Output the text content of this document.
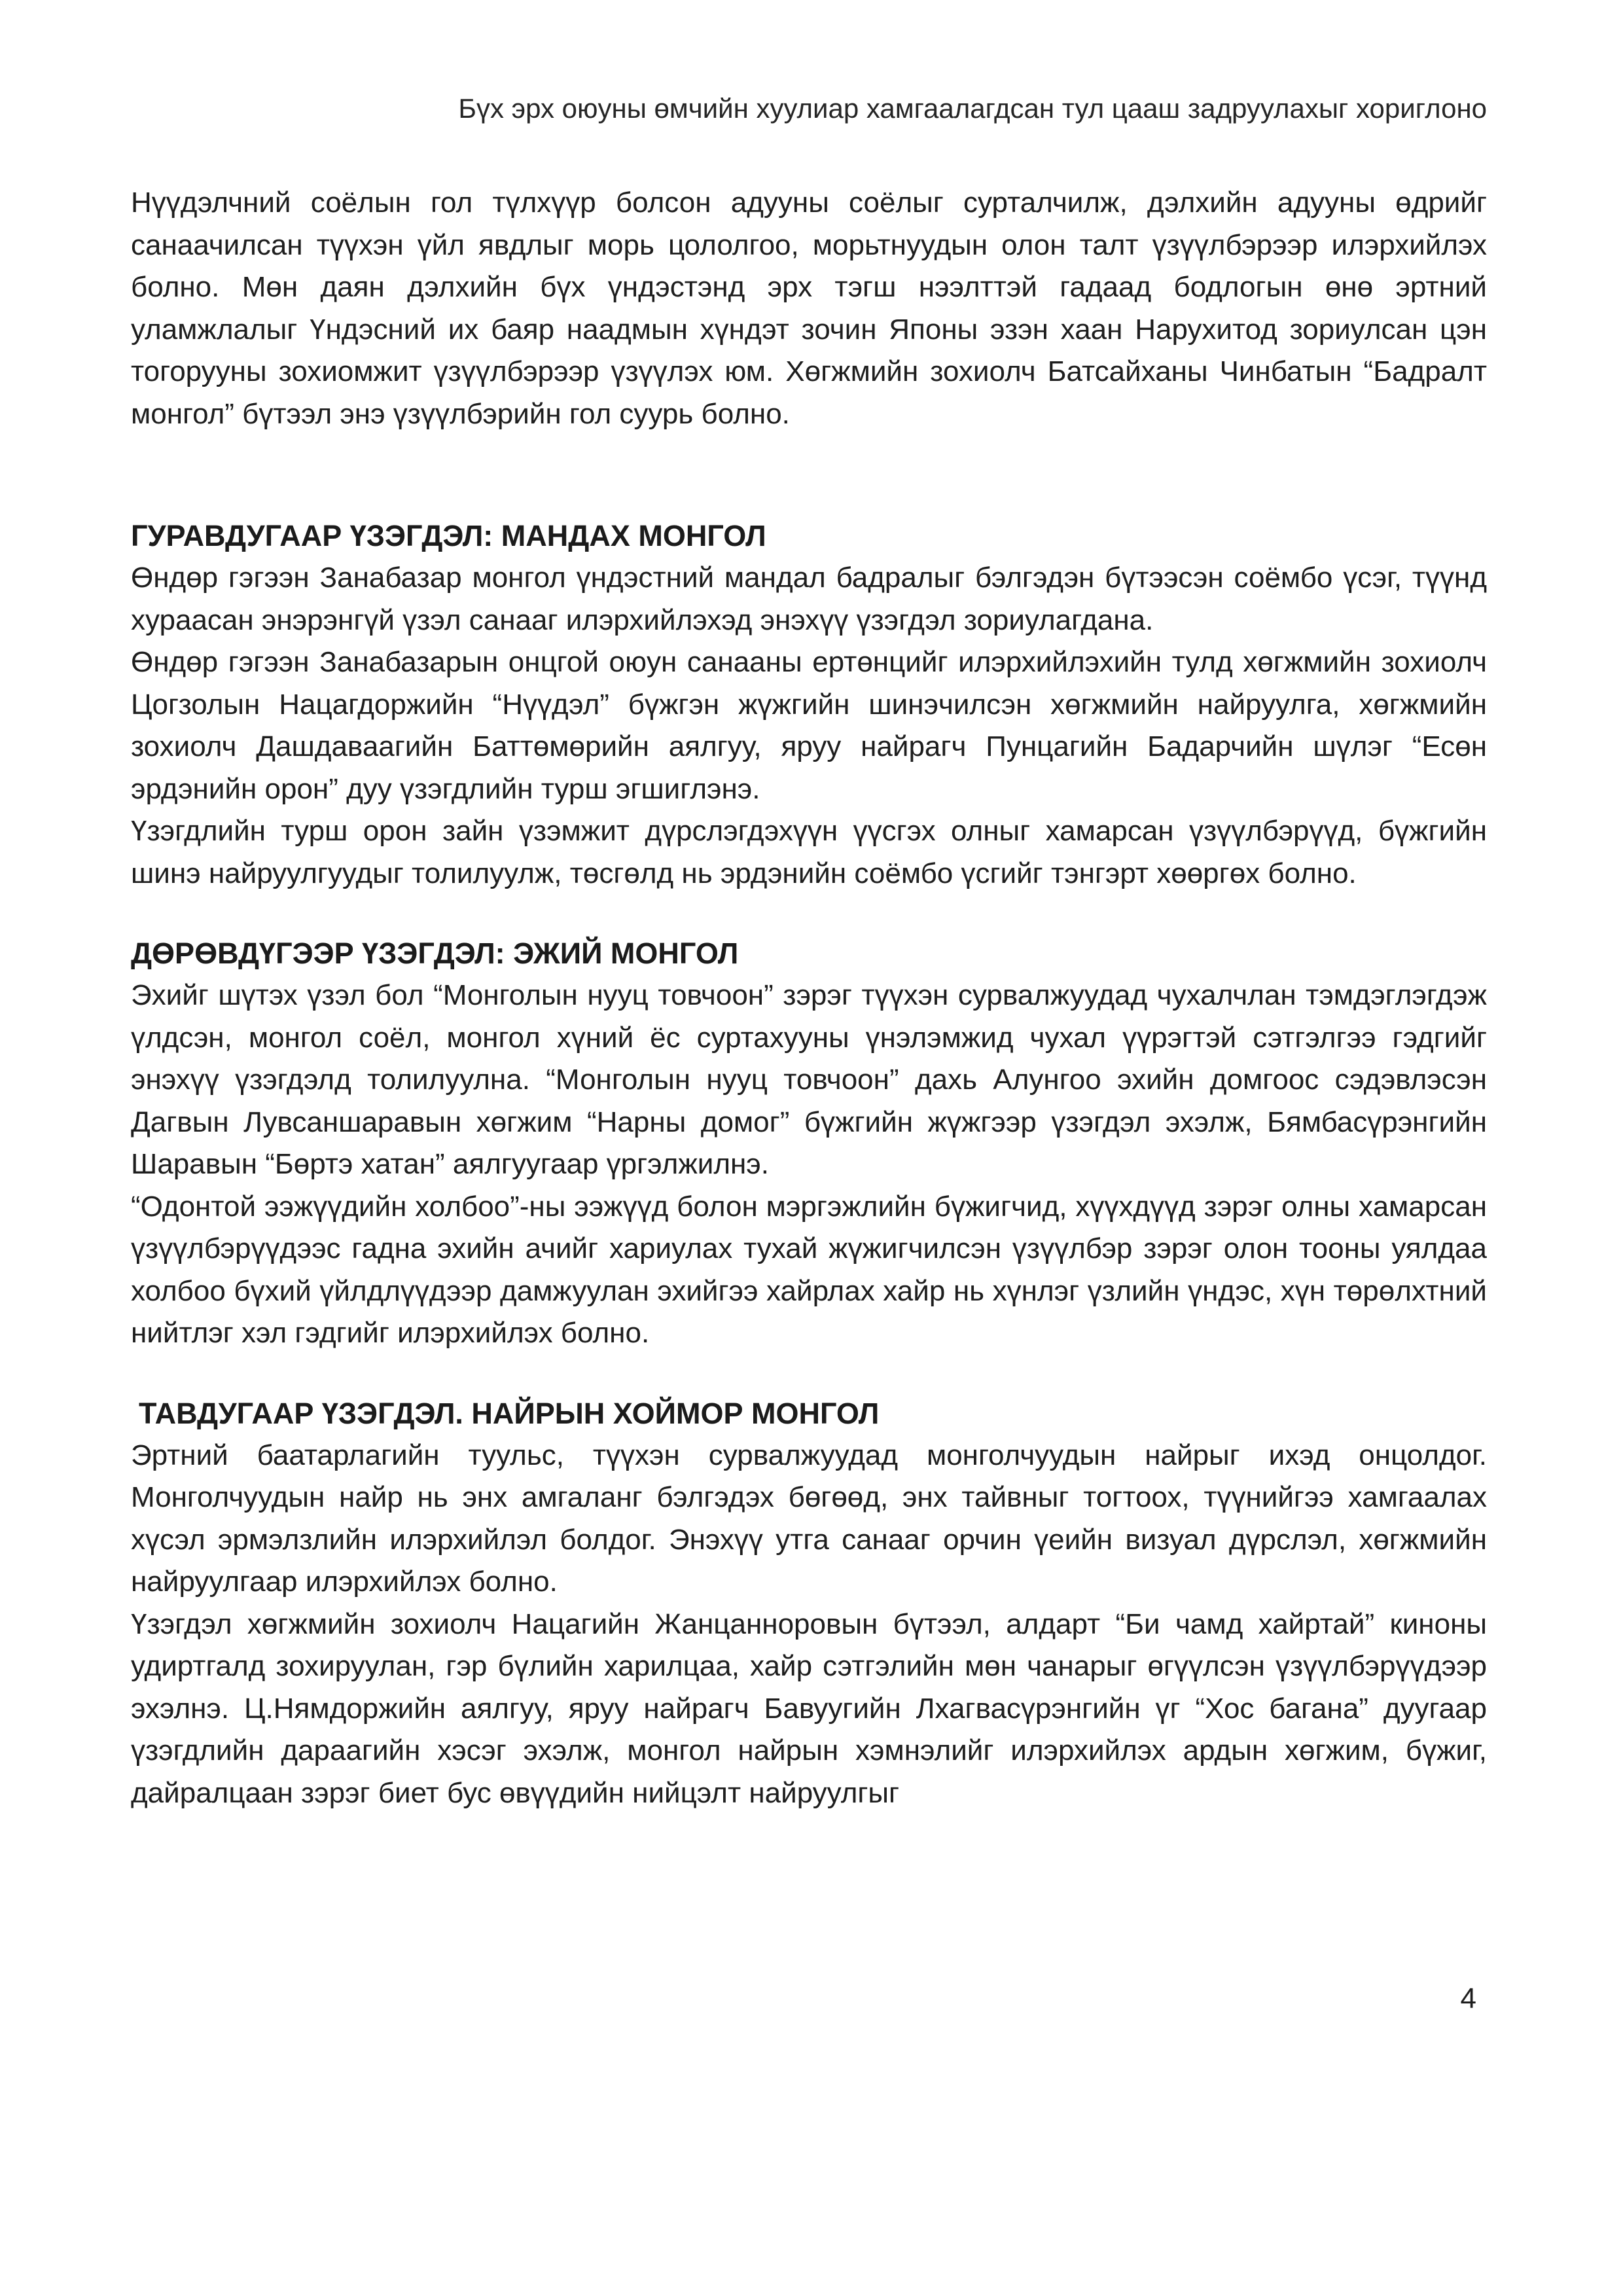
Бүх эрх оюуны өмчийн хуулиар хамгаалагдсан тул цааш задруулахыг хориглоно

Нүүдэлчний соёлын гол түлхүүр болсон адууны соёлыг сурталчилж, дэлхийн адууны өдрийг санаачилсан түүхэн үйл явдлыг морь цололгоо, морьтнуудын олон талт үзүүлбэрээр илэрхийлэх болно. Мөн даян дэлхийн бүх үндэстэнд эрх тэгш нээлттэй гадаад бодлогын өнө эртний уламжлалыг Үндэсний их баяр наадмын хүндэт зочин Японы эзэн хаан Нарухитод зориулсан цэн тогорууны зохиомжит үзүүлбэрээр үзүүлэх юм. Хөгжмийн зохиолч Батсайханы Чинбатын “Бадралт монгол” бүтээл энэ үзүүлбэрийн гол суурь болно.

ГУРАВДУГААР ҮЗЭГДЭЛ: МАНДАХ МОНГОЛ

Өндөр гэгээн Занабазар монгол үндэстний мандал бадралыг бэлгэдэн бүтээсэн соёмбо үсэг, түүнд хураасан энэрэнгүй үзэл санааг илэрхийлэхэд энэхүү үзэгдэл зориулагдана.

Өндөр гэгээн Занабазарын онцгой оюун санааны ертөнцийг илэрхийлэхийн тулд хөгжмийн зохиолч Цогзолын Нацагдоржийн “Нүүдэл” бүжгэн жүжгийн шинэчилсэн хөгжмийн найруулга, хөгжмийн зохиолч Дашдаваагийн Баттөмөрийн аялгуу, яруу найрагч Пунцагийн Бадарчийн шүлэг “Есөн эрдэнийн орон” дуу үзэгдлийн турш эгшиглэнэ.

Үзэгдлийн турш орон зайн үзэмжит дүрслэгдэхүүн үүсгэх олныг хамарсан үзүүлбэрүүд, бүжгийн шинэ найруулгуудыг толилуулж, төсгөлд нь эрдэнийн соёмбо үсгийг тэнгэрт хөөргөх болно.

ДӨРӨВДҮГЭЭР ҮЗЭГДЭЛ: ЭЖИЙ МОНГОЛ

Эхийг шүтэх үзэл бол “Монголын нууц товчоон” зэрэг түүхэн сурвалжуудад чухалчлан тэмдэглэгдэж үлдсэн, монгол соёл, монгол хүний ёс суртахууны үнэлэмжид чухал үүрэгтэй сэтгэлгээ гэдгийг энэхүү үзэгдэлд толилуулна. “Монголын нууц товчоон” дахь Алунгоо эхийн домгоос сэдэвлэсэн Дагвын Лувсаншаравын хөгжим “Нарны домог” бүжгийн жүжгээр үзэгдэл эхэлж, Бямбасүрэнгийн Шаравын “Бөртэ хатан” аялгуугаар үргэлжилнэ.

“Одонтой ээжүүдийн холбоо”-ны ээжүүд болон мэргэжлийн бүжигчид, хүүхдүүд зэрэг олны хамарсан үзүүлбэрүүдээс гадна эхийн ачийг хариулах тухай жүжигчилсэн үзүүлбэр зэрэг олон тооны уялдаа холбоо бүхий үйлдлүүдээр дамжуулан эхийгээ хайрлах хайр нь хүнлэг үзлийн үндэс, хүн төрөлхтний нийтлэг хэл гэдгийг илэрхийлэх болно.

ТАВДУГААР ҮЗЭГДЭЛ. НАЙРЫН ХОЙМОР МОНГОЛ

Эртний баатарлагийн туульс, түүхэн сурвалжуудад монголчуудын найрыг ихэд онцолдог. Монголчуудын найр нь энх амгаланг бэлгэдэх бөгөөд, энх тайвныг тогтоох, түүнийгээ хамгаалах хүсэл эрмэлзлийн илэрхийлэл болдог. Энэхүү утга санааг орчин үеийн визуал дүрслэл, хөгжмийн найруулгаар илэрхийлэх болно.

Үзэгдэл хөгжмийн зохиолч Нацагийн Жанцанноровын бүтээл, алдарт “Би чамд хайртай” киноны удиртгалд зохируулан, гэр бүлийн харилцаа, хайр сэтгэлийн мөн чанарыг өгүүлсэн үзүүлбэрүүдээр эхэлнэ. Ц.Нямдоржийн аялгуу, яруу найрагч Бавуугийн Лхагвасүрэнгийн үг “Хос багана” дуугаар үзэгдлийн дараагийн хэсэг эхэлж, монгол найрын хэмнэлийг илэрхийлэх ардын хөгжим, бүжиг, дайралцаан зэрэг биет бус өвүүдийн нийцэлт найруулгыг

4
